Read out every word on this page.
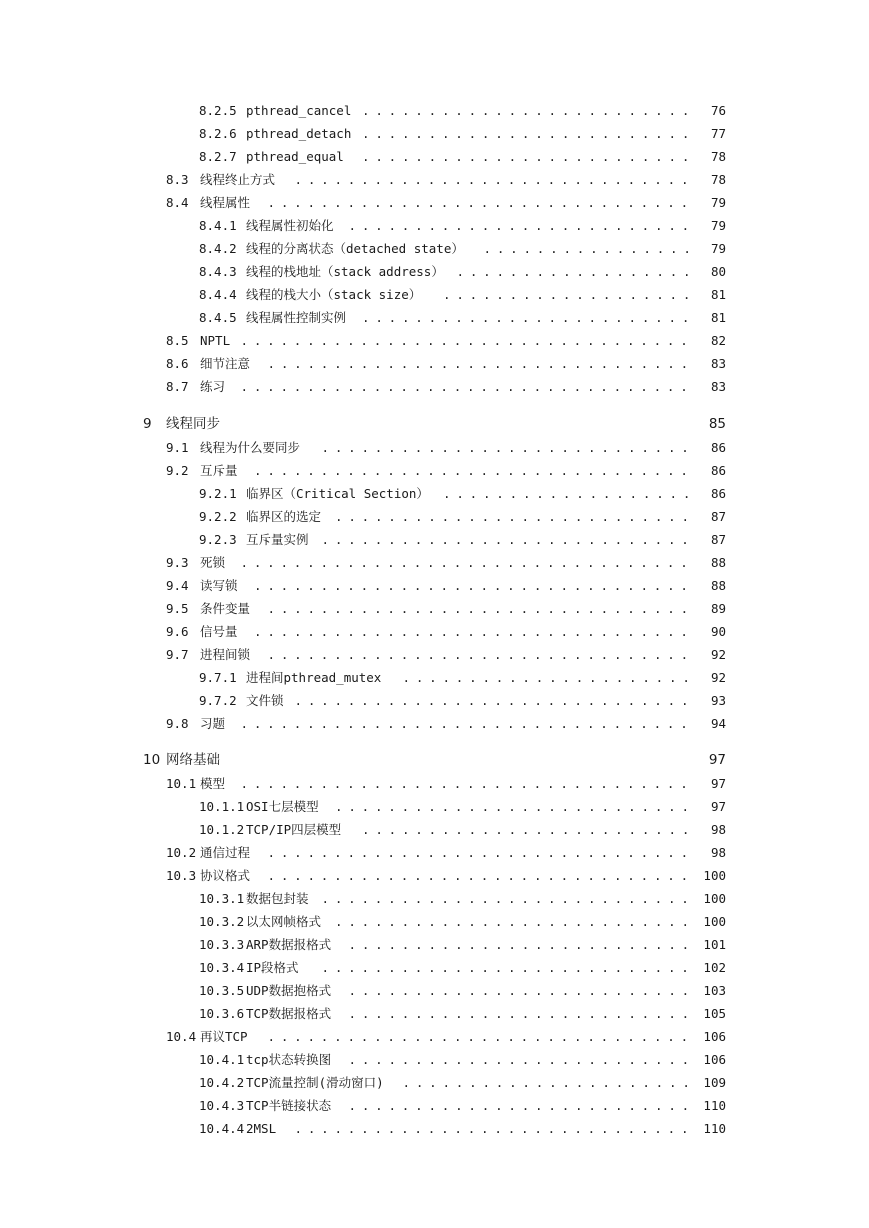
8.2.5 pthread_cancel	76
.........................
8.2.6 pthread_detach	77
.........................
8.2.7 pthread_equal	78
.........................
8.3 线程终止方式	78
..............................
8.4 线程属性	79
................................
8.4.1 线程属性初始化	79
..........................
8.4.2 线程的分离状态（detached state）	79
................
8.4.3 线程的栈地址（stack address）	80
..................
8.4.4 线程的栈大小（stack size）	81
...................
8.4.5 线程属性控制实例	81
.........................
8.5 NPTL	82
..................................
8.6 细节注意	83
................................
8.7 练习	83
..................................
9 线程同步	85
9.1 线程为什么要同步	86
............................
9.2 互斥量	86
.................................
9.2.1 临界区（Critical Section）	86
...................
9.2.2 临界区的选定	87
...........................
9.2.3 互斥量实例	87
............................
9.3 死锁	88
..................................
9.4 读写锁	88
.................................
9.5 条件变量	89
................................
9.6 信号量	90
.................................
9.7 进程间锁	92
................................
9.7.1 进程间pthread_mutex	92
......................
9.7.2 文件锁	93
..............................
9.8 习题	94
..................................
10 网络基础	97
10.1 模型	97
..................................
10.1.1 OSI七层模型	97
...........................
10.1.2 TCP/IP四层模型	98
.........................
10.2 通信过程	98
................................
10.3 协议格式	100
................................
10.3.1 数据包封装	100
............................
10.3.2 以太网帧格式	100
...........................
10.3.3 ARP数据报格式	101
..........................
10.3.4 IP段格式	102
............................
10.3.5 UDP数据抱格式	103
..........................
10.3.6 TCP数据报格式	105
..........................
10.4 再议TCP	106
................................
10.4.1 tcp状态转换图	106
..........................
10.4.2 TCP流量控制(滑动窗口)	109
......................
10.4.3 TCP半链接状态	110
..........................
10.4.4 2MSL	110
..............................
